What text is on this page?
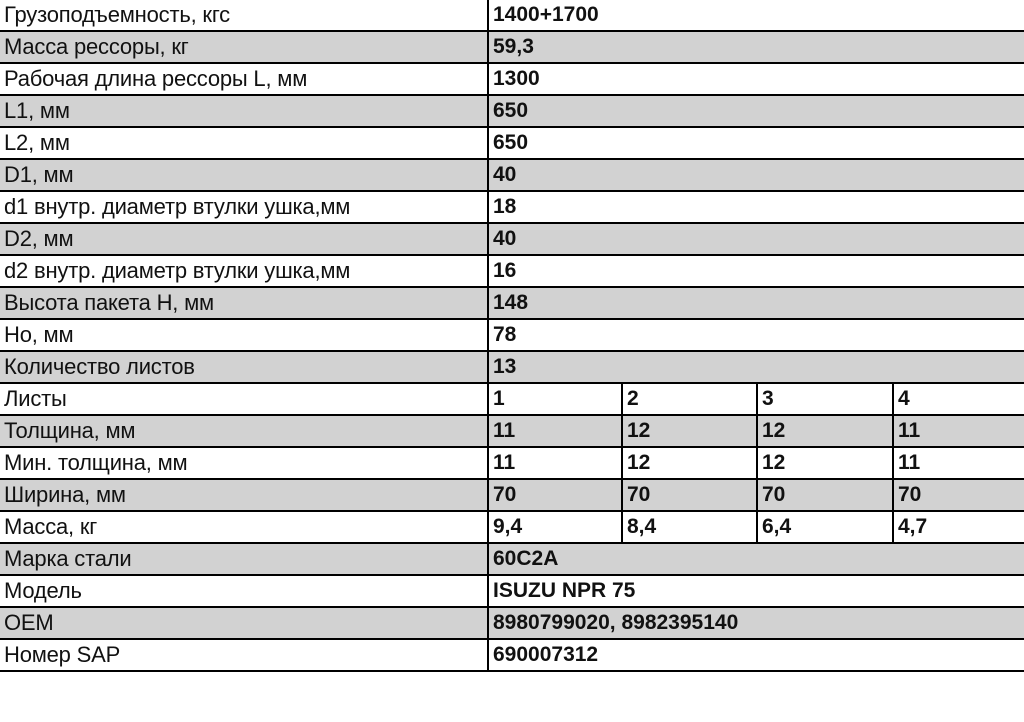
Грузоподъемность, кгс	1400+1700			
Масса рессоры, кг	59,3			
Рабочая длина рессоры L, мм	1300			
L1, мм	650			
L2, мм	650			
D1, мм	40			
d1 внутр. диаметр втулки ушка,мм	18			
D2, мм	40			
d2 внутр. диаметр втулки ушка,мм	16			
Высота пакета H, мм	148			
Ho, мм	78			
Количество листов	13			
Листы	1	2	3	4
Толщина, мм	11	12	12	11
Мин. толщина, мм	11	12	12	11
Ширина, мм	70	70	70	70
Масса, кг	9,4	8,4	6,4	4,7
Марка стали	60C2A			
Модель	ISUZU NPR 75			
OEM	8980799020, 8982395140			
Номер SAP	690007312			
